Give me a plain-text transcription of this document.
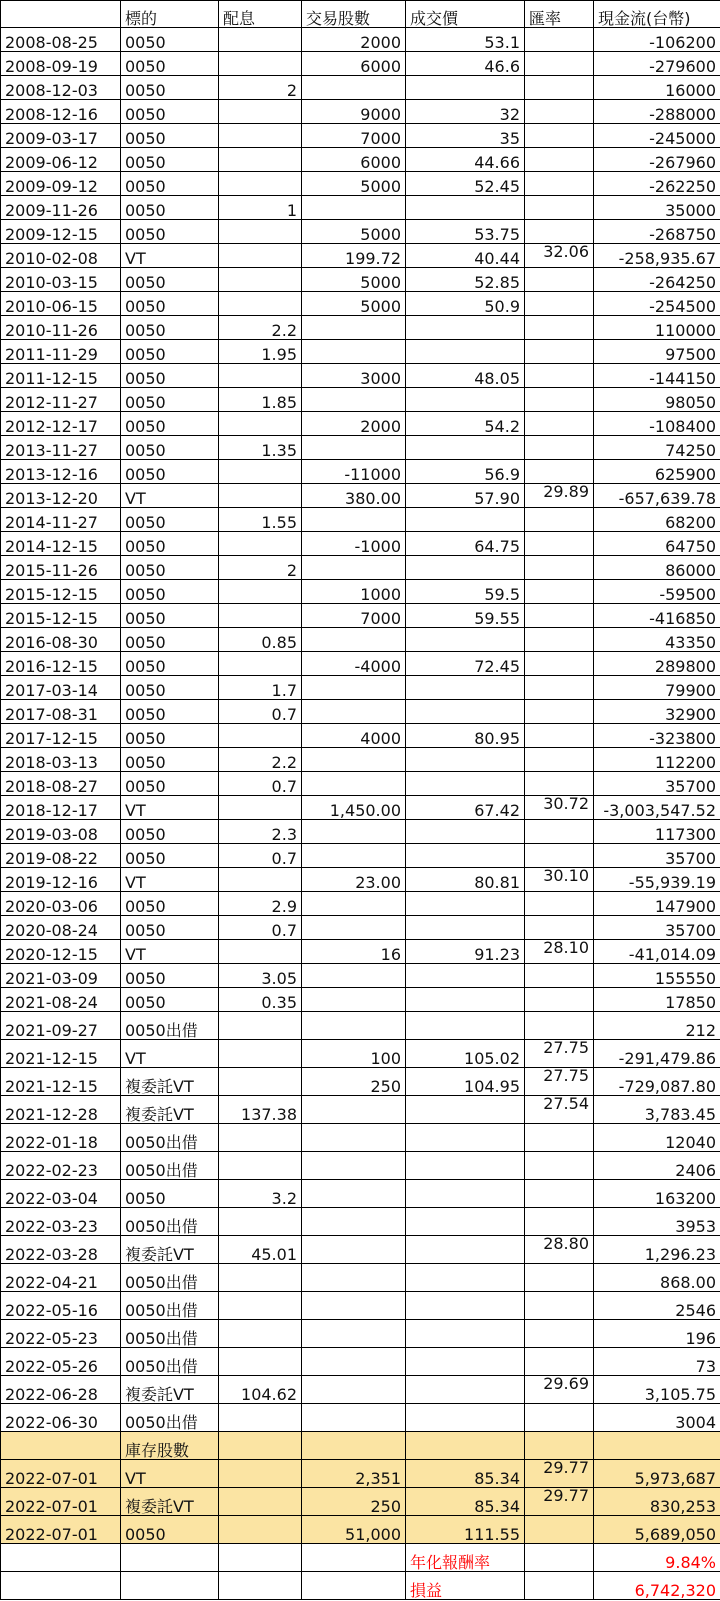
	標的	配息	交易股數	成交價	匯率	現金流(台幣)
2008-08-25	0050		2000	53.1		-106200
2008-09-19	0050		6000	46.6		-279600
2008-12-03	0050	2				16000
2008-12-16	0050		9000	32		-288000
2009-03-17	0050		7000	35		-245000
2009-06-12	0050		6000	44.66		-267960
2009-09-12	0050		5000	52.45		-262250
2009-11-26	0050	1				35000
2009-12-15	0050		5000	53.75		-268750
2010-02-08	VT		199.72	40.44	32.06	-258,935.67
2010-03-15	0050		5000	52.85		-264250
2010-06-15	0050		5000	50.9		-254500
2010-11-26	0050	2.2				110000
2011-11-29	0050	1.95				97500
2011-12-15	0050		3000	48.05		-144150
2012-11-27	0050	1.85				98050
2012-12-17	0050		2000	54.2		-108400
2013-11-27	0050	1.35				74250
2013-12-16	0050		-11000	56.9		625900
2013-12-20	VT		380.00	57.90	29.89	-657,639.78
2014-11-27	0050	1.55				68200
2014-12-15	0050		-1000	64.75		64750
2015-11-26	0050	2				86000
2015-12-15	0050		1000	59.5		-59500
2015-12-15	0050		7000	59.55		-416850
2016-08-30	0050	0.85				43350
2016-12-15	0050		-4000	72.45		289800
2017-03-14	0050	1.7				79900
2017-08-31	0050	0.7				32900
2017-12-15	0050		4000	80.95		-323800
2018-03-13	0050	2.2				112200
2018-08-27	0050	0.7				35700
2018-12-17	VT		1,450.00	67.42	30.72	-3,003,547.52
2019-03-08	0050	2.3				117300
2019-08-22	0050	0.7				35700
2019-12-16	VT		23.00	80.81	30.10	-55,939.19
2020-03-06	0050	2.9				147900
2020-08-24	0050	0.7				35700
2020-12-15	VT		16	91.23	28.10	-41,014.09
2021-03-09	0050	3.05				155550
2021-08-24	0050	0.35				17850
2021-09-27	0050出借					212
2021-12-15	VT		100	105.02	27.75	-291,479.86
2021-12-15	複委託VT		250	104.95	27.75	-729,087.80
2021-12-28	複委託VT	137.38			27.54	3,783.45
2022-01-18	0050出借					12040
2022-02-23	0050出借					2406
2022-03-04	0050	3.2				163200
2022-03-23	0050出借					3953
2022-03-28	複委託VT	45.01			28.80	1,296.23
2022-04-21	0050出借					868.00
2022-05-16	0050出借					2546
2022-05-23	0050出借					196
2022-05-26	0050出借					73
2022-06-28	複委託VT	104.62			29.69	3,105.75
2022-06-30	0050出借					3004
	庫存股數					
2022-07-01	VT		2,351	85.34	29.77	5,973,687
2022-07-01	複委託VT		250	85.34	29.77	830,253
2022-07-01	0050		51,000	111.55		5,689,050
				年化報酬率		9.84%
				損益		6,742,320
